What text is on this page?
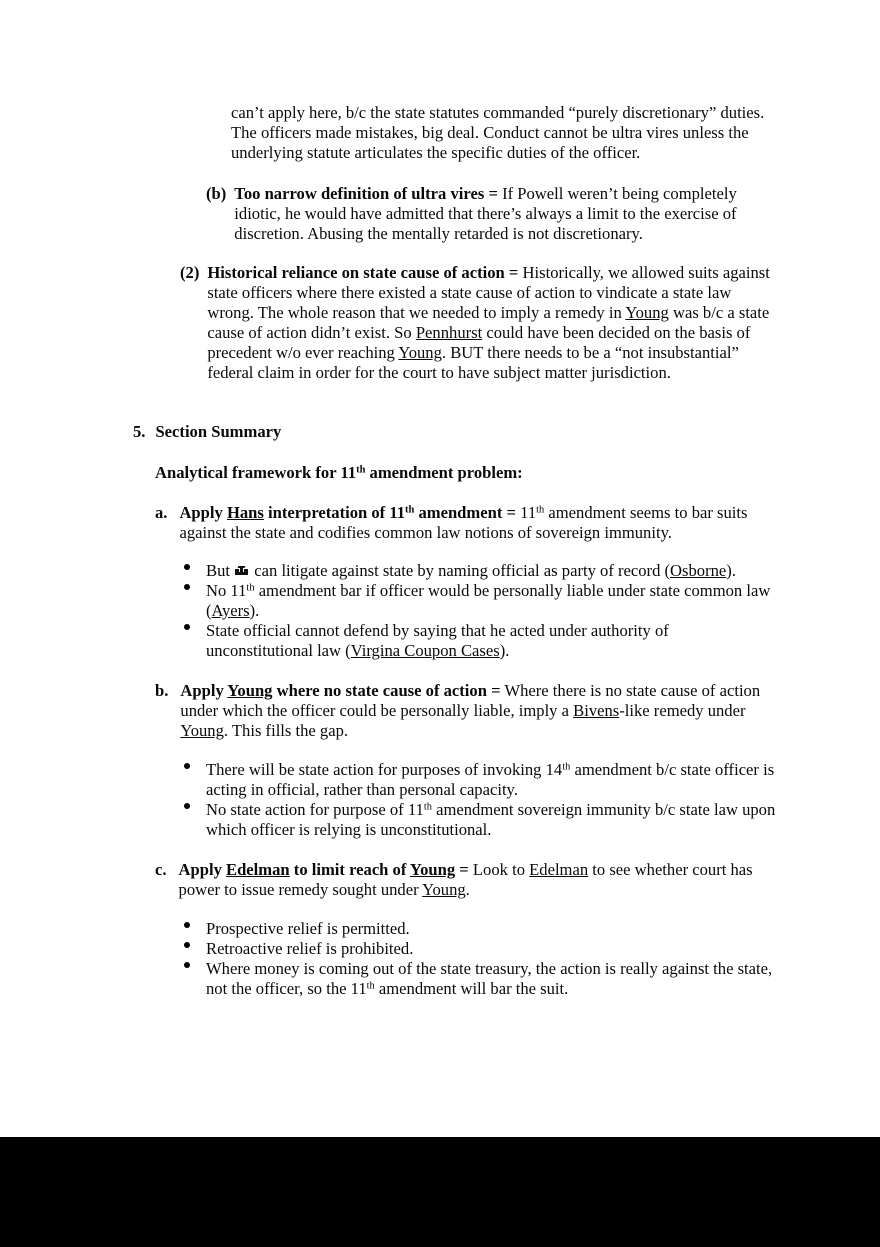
can’t apply here, b/c the state statutes commanded “purely discretionary” duties. The officers made mistakes, big deal. Conduct cannot be ultra vires unless the underlying statute articulates the specific duties of the officer.
(b) Too narrow definition of ultra vires = If Powell weren’t being completely idiotic, he would have admitted that there’s always a limit to the exercise of discretion. Abusing the mentally retarded is not discretionary.
(2) Historical reliance on state cause of action = Historically, we allowed suits against state officers where there existed a state cause of action to vindicate a state law wrong. The whole reason that we needed to imply a remedy in Young was b/c a state cause of action didn’t exist. So Pennhurst could have been decided on the basis of precedent w/o ever reaching Young. BUT there needs to be a “not insubstantial” federal claim in order for the court to have subject matter jurisdiction.
5. Section Summary
Analytical framework for 11th amendment problem:
a. Apply Hans interpretation of 11th amendment = 11th amendment seems to bar suits against the state and codifies common law notions of sovereign immunity.
But
can litigate against state by naming official as party of record (Osborne).
No 11th amendment bar if officer would be personally liable under state common law (Ayers).
State official cannot defend by saying that he acted under authority of unconstitutional law (Virgina Coupon Cases).
b. Apply Young where no state cause of action = Where there is no state cause of action under which the officer could be personally liable, imply a Bivens-like remedy under Young. This fills the gap.
There will be state action for purposes of invoking 14th amendment b/c state officer is acting in official, rather than personal capacity.
No state action for purpose of 11th amendment sovereign immunity b/c state law upon which officer is relying is unconstitutional.
c. Apply Edelman to limit reach of Young = Look to Edelman to see whether court has power to issue remedy sought under Young.
Prospective relief is permitted.
Retroactive relief is prohibited.
Where money is coming out of the state treasury, the action is really against the state, not the officer, so the 11th amendment will bar the suit.
